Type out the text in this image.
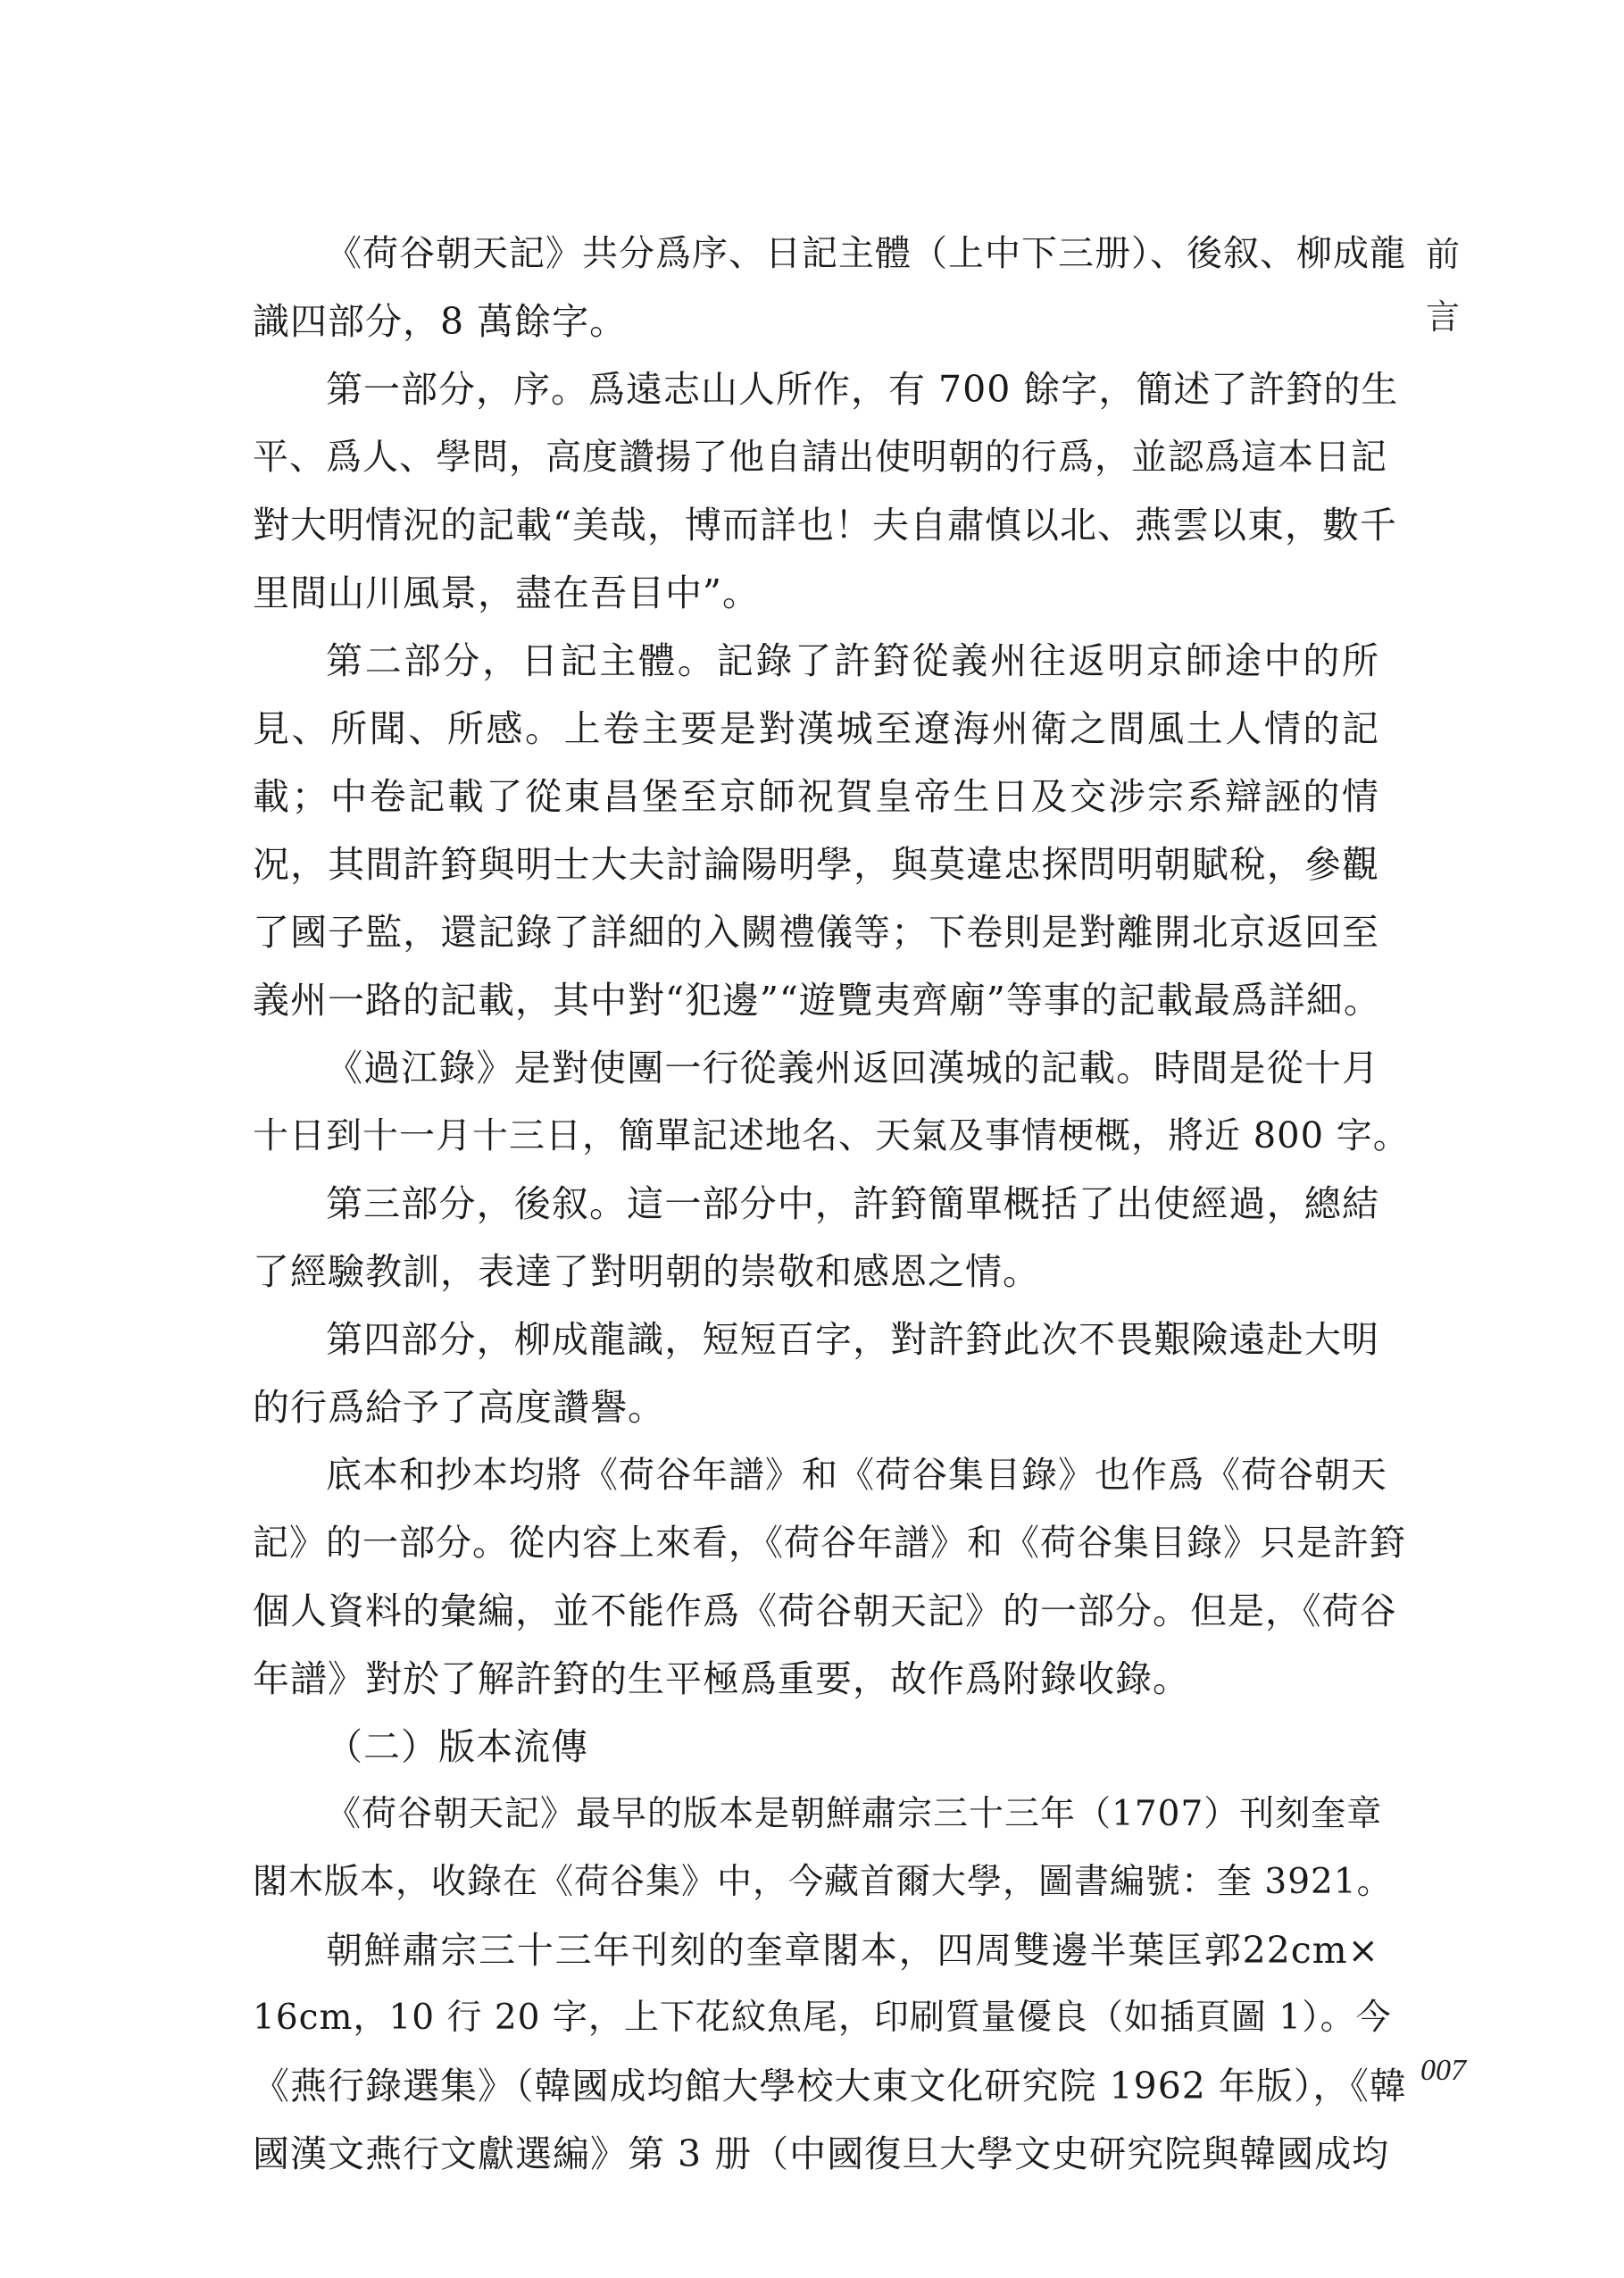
前
言
《荷谷朝天記》共分爲序、日記主體（上中下三册）、後叙、柳成龍
識四部分，8 萬餘字。
第一部分，序。爲遠志山人所作，有 700 餘字，簡述了許篈的生
平、爲人、學問，高度讚揚了他自請出使明朝的行爲，並認爲這本日記
對大明情況的記載“美哉，博而詳也！夫自肅慎以北、燕雲以東，數千
里間山川風景，盡在吾目中”。
第二部分，日記主體。記錄了許篈從義州往返明京師途中的所
見、所聞、所感。上卷主要是對漢城至遼海州衛之間風土人情的記
載；中卷記載了從東昌堡至京師祝賀皇帝生日及交涉宗系辯誣的情
况，其間許篈與明士大夫討論陽明學，與莫違忠探問明朝賦稅，參觀
了國子監，還記錄了詳細的入闕禮儀等；下卷則是對離開北京返回至
義州一路的記載，其中對“犯邊”“遊覽夷齊廟”等事的記載最爲詳細。
《過江錄》是對使團一行從義州返回漢城的記載。時間是從十月
十日到十一月十三日，簡單記述地名、天氣及事情梗概，將近 800 字。
第三部分，後叙。這一部分中，許篈簡單概括了出使經過，總結
了經驗教訓，表達了對明朝的崇敬和感恩之情。
第四部分，柳成龍識，短短百字，對許篈此次不畏艱險遠赴大明
的行爲給予了高度讚譽。
底本和抄本均將《荷谷年譜》和《荷谷集目錄》也作爲《荷谷朝天
記》的一部分。從内容上來看，《荷谷年譜》和《荷谷集目錄》只是許篈
個人資料的彙編，並不能作爲《荷谷朝天記》的一部分。但是，《荷谷
年譜》對於了解許篈的生平極爲重要，故作爲附錄收錄。
（二）版本流傳
《荷谷朝天記》最早的版本是朝鮮肅宗三十三年（1707）刊刻奎章
閣木版本，收錄在《荷谷集》中，今藏首爾大學，圖書編號：奎 3921。
朝鮮肅宗三十三年刊刻的奎章閣本，四周雙邊半葉匡郭22cm×
16cm，10 行 20 字，上下花紋魚尾，印刷質量優良（如插頁圖 1）。今
《燕行錄選集》（韓國成均館大學校大東文化研究院 1962 年版），《韓
國漢文燕行文獻選編》第 3 册（中國復旦大學文史研究院與韓國成均
007
